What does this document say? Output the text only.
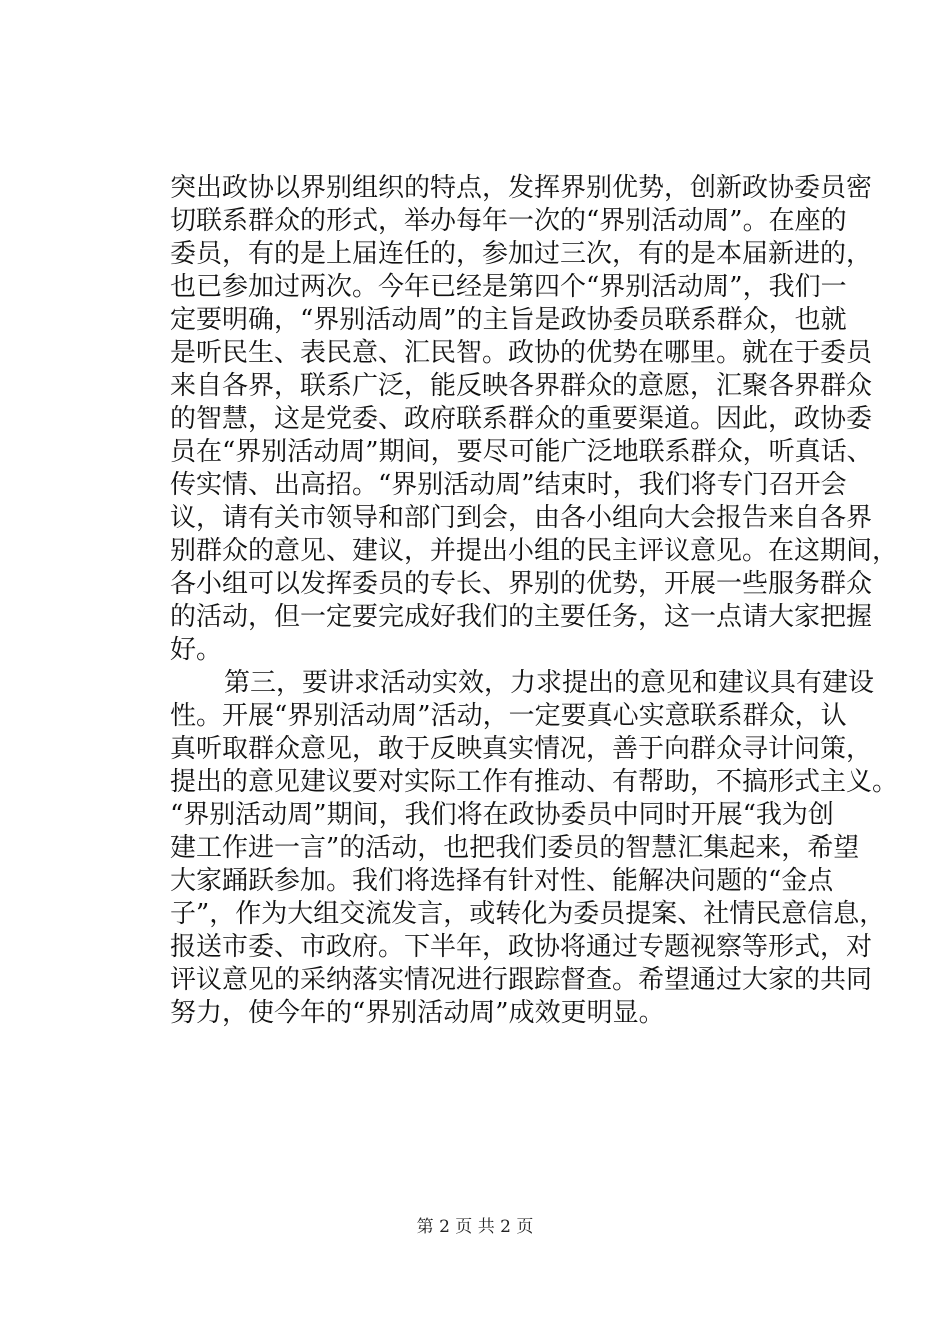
突出政协以界别组织的特点，发挥界别优势，创新政协委员密
切联系群众的形式，举办每年一次的“界别活动周”。在座的
委员，有的是上届连任的，参加过三次，有的是本届新进的，
也已参加过两次。今年已经是第四个“界别活动周”，我们一
定要明确，“界别活动周”的主旨是政协委员联系群众，也就
是听民生、表民意、汇民智。政协的优势在哪里。就在于委员
来自各界，联系广泛，能反映各界群众的意愿，汇聚各界群众
的智慧，这是党委、政府联系群众的重要渠道。因此，政协委
员在“界别活动周”期间，要尽可能广泛地联系群众，听真话、
传实情、出高招。“界别活动周”结束时，我们将专门召开会
议，请有关市领导和部门到会，由各小组向大会报告来自各界
别群众的意见、建议，并提出小组的民主评议意见。在这期间，
各小组可以发挥委员的专长、界别的优势，开展一些服务群众
的活动，但一定要完成好我们的主要任务，这一点请大家把握
好。
第三，要讲求活动实效，力求提出的意见和建议具有建设
性。开展“界别活动周”活动，一定要真心实意联系群众，认
真听取群众意见，敢于反映真实情况，善于向群众寻计问策，
提出的意见建议要对实际工作有推动、有帮助，不搞形式主义。
“界别活动周”期间，我们将在政协委员中同时开展“我为创
建工作进一言”的活动，也把我们委员的智慧汇集起来，希望
大家踊跃参加。我们将选择有针对性、能解决问题的“金点
子”，作为大组交流发言，或转化为委员提案、社情民意信息，
报送市委、市政府。下半年，政协将通过专题视察等形式，对
评议意见的采纳落实情况进行跟踪督查。希望通过大家的共同
努力，使今年的“界别活动周”成效更明显。
第 2 页 共 2 页
